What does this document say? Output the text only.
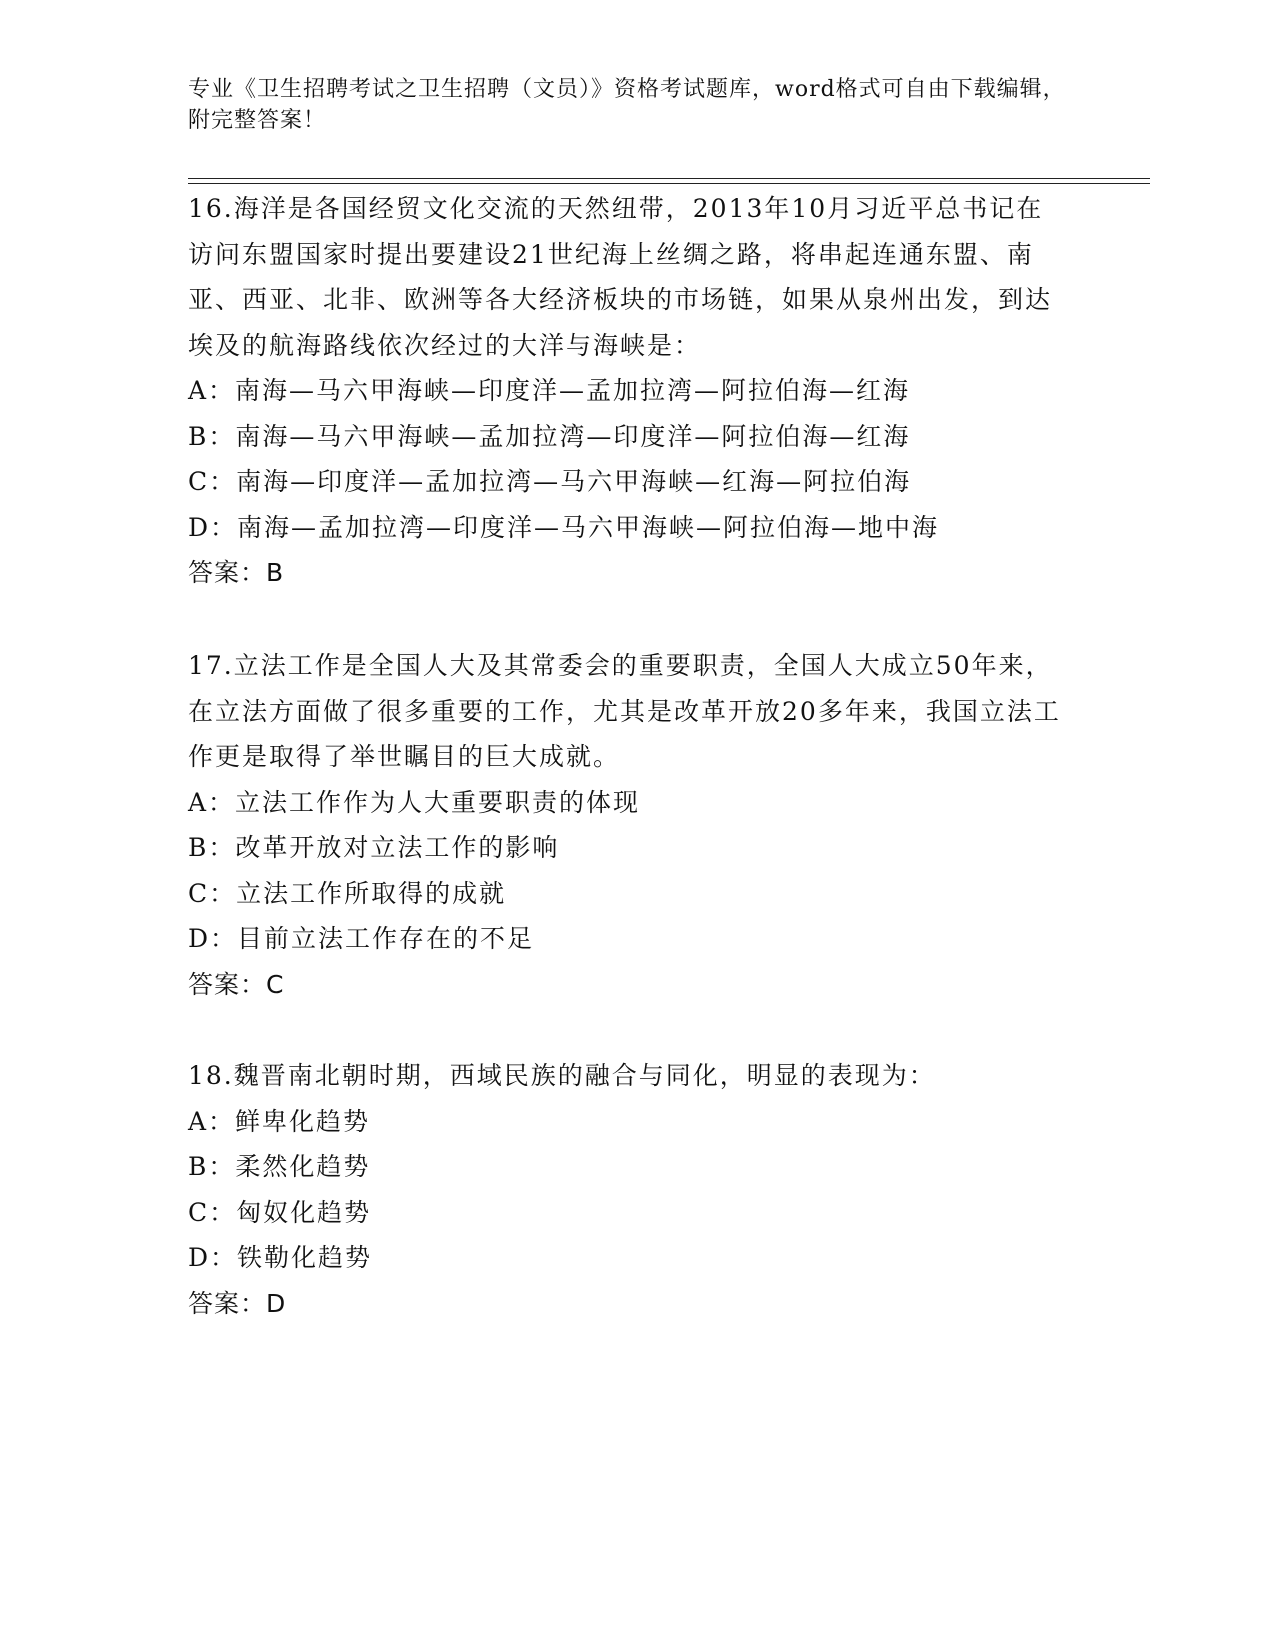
专业《卫生招聘考试之卫生招聘（文员）》资格考试题库，word格式可自由下载编辑，附完整答案！

16.海洋是各国经贸文化交流的天然纽带，2013年10月习近平总书记在访问东盟国家时提出要建设21世纪海上丝绸之路，将串起连通东盟、南亚、西亚、北非、欧洲等各大经济板块的市场链，如果从泉州出发，到达埃及的航海路线依次经过的大洋与海峡是：

A：南海—马六甲海峡—印度洋—孟加拉湾—阿拉伯海—红海

B：南海—马六甲海峡—孟加拉湾—印度洋—阿拉伯海—红海

C：南海—印度洋—孟加拉湾—马六甲海峡—红海—阿拉伯海

D：南海—孟加拉湾—印度洋—马六甲海峡—阿拉伯海—地中海

答案：B

17.立法工作是全国人大及其常委会的重要职责，全国人大成立50年来，在立法方面做了很多重要的工作，尤其是改革开放20多年来，我国立法工作更是取得了举世瞩目的巨大成就。

A：立法工作作为人大重要职责的体现

B：改革开放对立法工作的影响

C：立法工作所取得的成就

D：目前立法工作存在的不足

答案：C

18.魏晋南北朝时期，西域民族的融合与同化，明显的表现为：

A：鲜卑化趋势

B：柔然化趋势

C：匈奴化趋势

D：铁勒化趋势

答案：D
